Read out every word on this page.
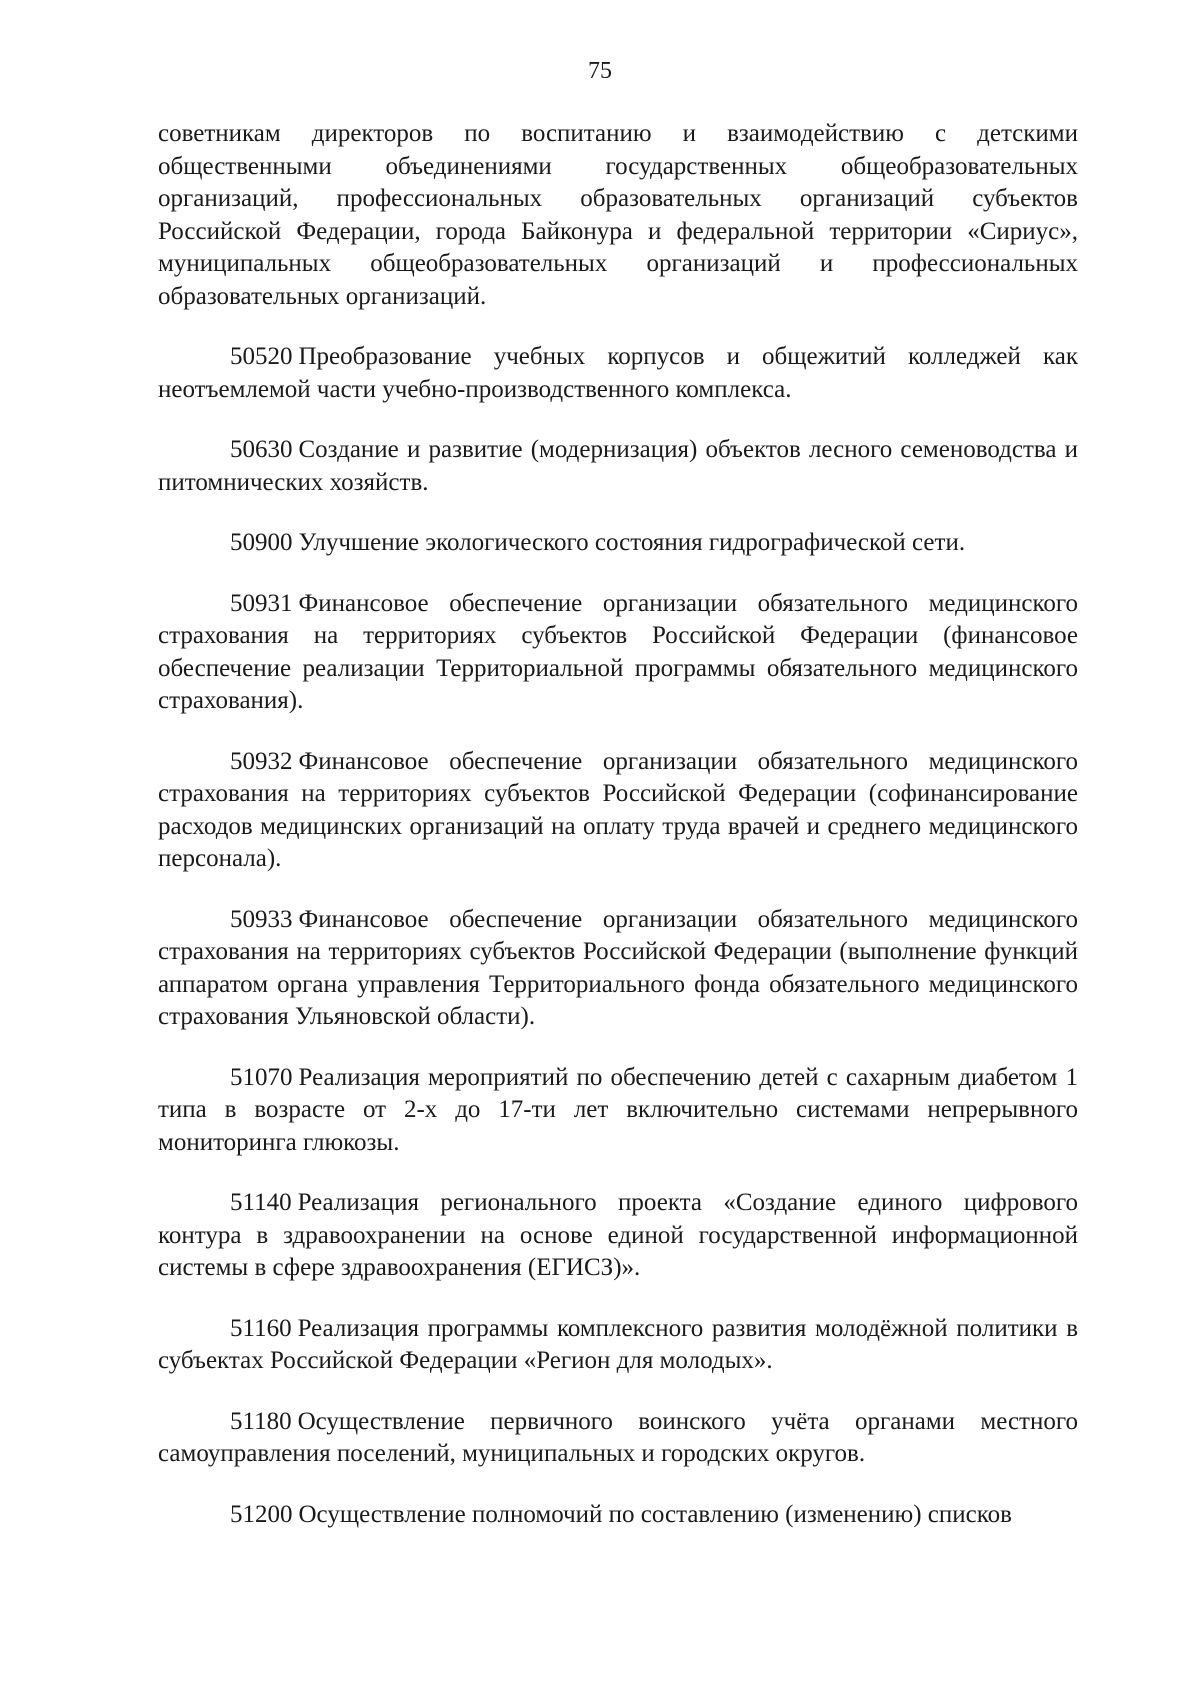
75

советникам директоров по воспитанию и взаимодействию с детскими общественными объединениями государственных общеобразовательных организаций, профессиональных образовательных организаций субъектов Российской Федерации, города Байконура и федеральной территории «Сириус», муниципальных общеобразовательных организаций и профессиональных образовательных организаций.

50520 Преобразование учебных корпусов и общежитий колледжей как неотъемлемой части учебно-производственного комплекса.

50630 Создание и развитие (модернизация) объектов лесного семеноводства и питомнических хозяйств.

50900 Улучшение экологического состояния гидрографической сети.

50931 Финансовое обеспечение организации обязательного медицинского страхования на территориях субъектов Российской Федерации (финансовое обеспечение реализации Территориальной программы обязательного медицинского страхования).

50932 Финансовое обеспечение организации обязательного медицинского страхования на территориях субъектов Российской Федерации (софинансирование расходов медицинских организаций на оплату труда врачей и среднего медицинского персонала).

50933 Финансовое обеспечение организации обязательного медицинского страхования на территориях субъектов Российской Федерации (выполнение функций аппаратом органа управления Территориального фонда обязательного медицинского страхования Ульяновской области).

51070 Реализация мероприятий по обеспечению детей с сахарным диабетом 1 типа в возрасте от 2-х до 17-ти лет включительно системами непрерывного мониторинга глюкозы.

51140 Реализация регионального проекта «Создание единого цифрового контура в здравоохранении на основе единой государственной информационной системы в сфере здравоохранения (ЕГИСЗ)».

51160 Реализация программы комплексного развития молодёжной политики в субъектах Российской Федерации «Регион для молодых».

51180 Осуществление первичного воинского учёта органами местного самоуправления поселений, муниципальных и городских округов.

51200 Осуществление полномочий по составлению (изменению) списков
